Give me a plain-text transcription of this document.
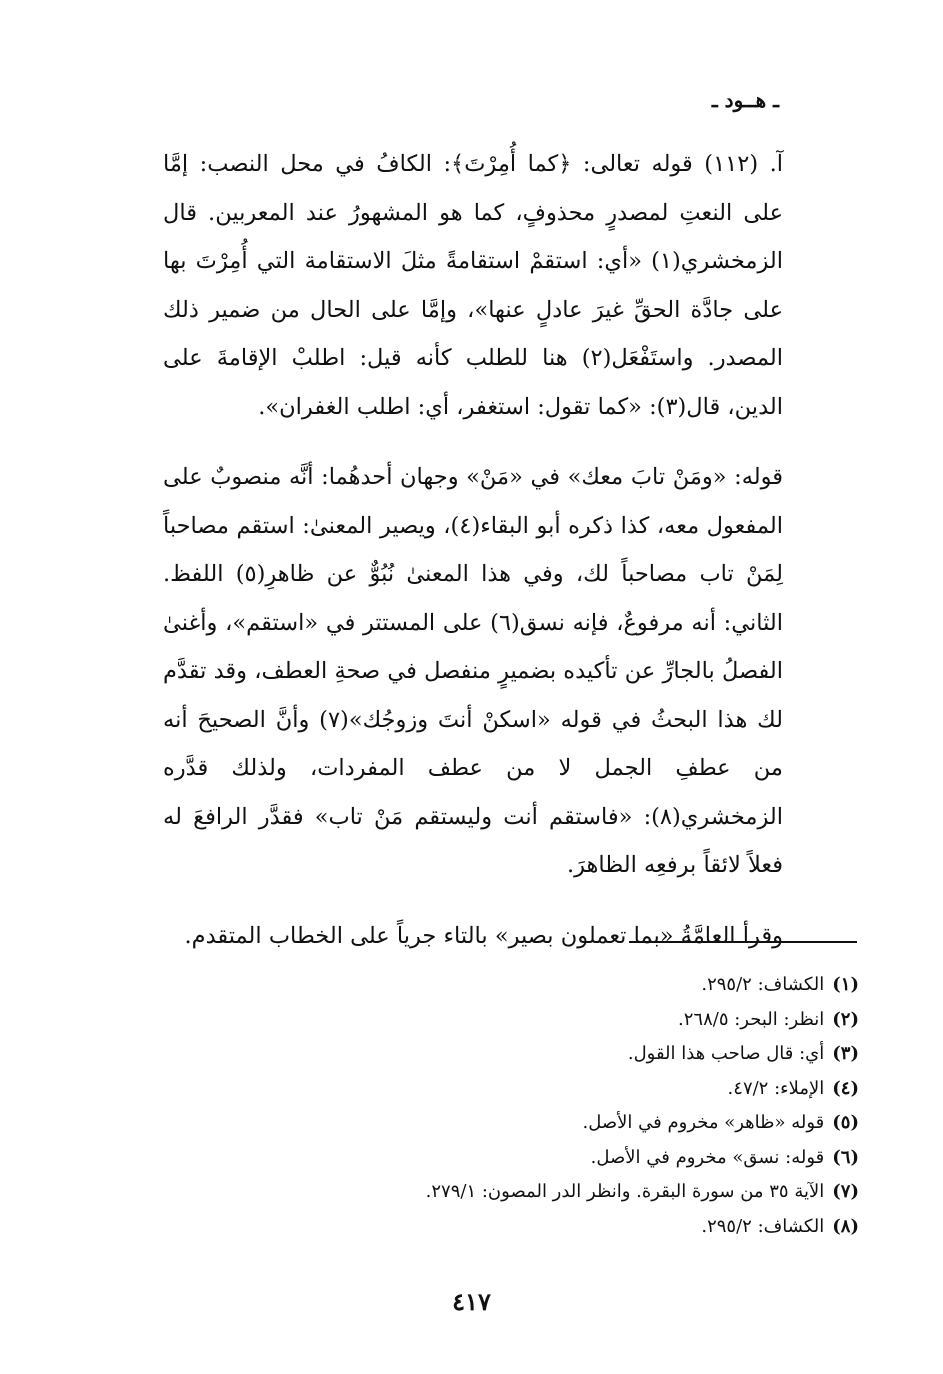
ـ هــود ـ

آ. (١١٢) قوله تعالى: ﴿كما أُمِرْتَ﴾: الكافُ في محل النصب: إمَّا على النعتِ لمصدرٍ محذوفٍ، كما هو المشهورُ عند المعربين. قال الزمخشري(١) «أي: استقمْ استقامةً مثلَ الاستقامة التي أُمِرْتَ بها على جادَّة الحقِّ غيرَ عادلٍ عنها»، وإمَّا على الحال من ضمير ذلك المصدر. واستَفْعَل(٢) هنا للطلب كأنه قيل: اطلبْ الإقامةَ على الدين، قال(٣): «كما تقول: استغفر، أي: اطلب الغفران».

قوله: «ومَنْ تابَ معك» في «مَنْ» وجهان أحدهُما: أنَّه منصوبٌ على المفعول معه، كذا ذكره أبو البقاء(٤)، ويصير المعنىٰ: استقم مصاحباً لِمَنْ تاب مصاحباً لك، وفي هذا المعنىٰ نُبُوٌّ عن ظاهرِ(٥) اللفظ. الثاني: أنه مرفوعٌ، فإنه نسق(٦) على المستتر في «استقم»، وأغنىٰ الفصلُ بالجارِّ عن تأكيده بضميرٍ منفصل في صحةِ العطف، وقد تقدَّم لك هذا البحثُ في قوله «اسكنْ أنتَ وزوجُك»(٧) وأنَّ الصحيحَ أنه من عطفِ الجمل لا من عطف المفردات، ولذلك قدَّره الزمخشري(٨): «فاستقم أنت وليستقم مَنْ تاب» فقدَّر الرافعَ له فعلاً لائقاً برفعِه الظاهرَ.

وقرأ العامَّةُ «بما تعملون بصير» بالتاء جرياً على الخطاب المتقدم.

(١)الكشاف: ٢٩٥/٢.
(٢)انظر: البحر: ٢٦٨/٥.
(٣)أي: قال صاحب هذا القول.
(٤)الإملاء: ٤٧/٢.
(٥)قوله «ظاهر» مخروم في الأصل.
(٦)قوله: نسق» مخروم في الأصل.
(٧)الآية ٣٥ من سورة البقرة. وانظر الدر المصون: ٢٧٩/١.
(٨)الكشاف: ٢٩٥/٢.
٤١٧
